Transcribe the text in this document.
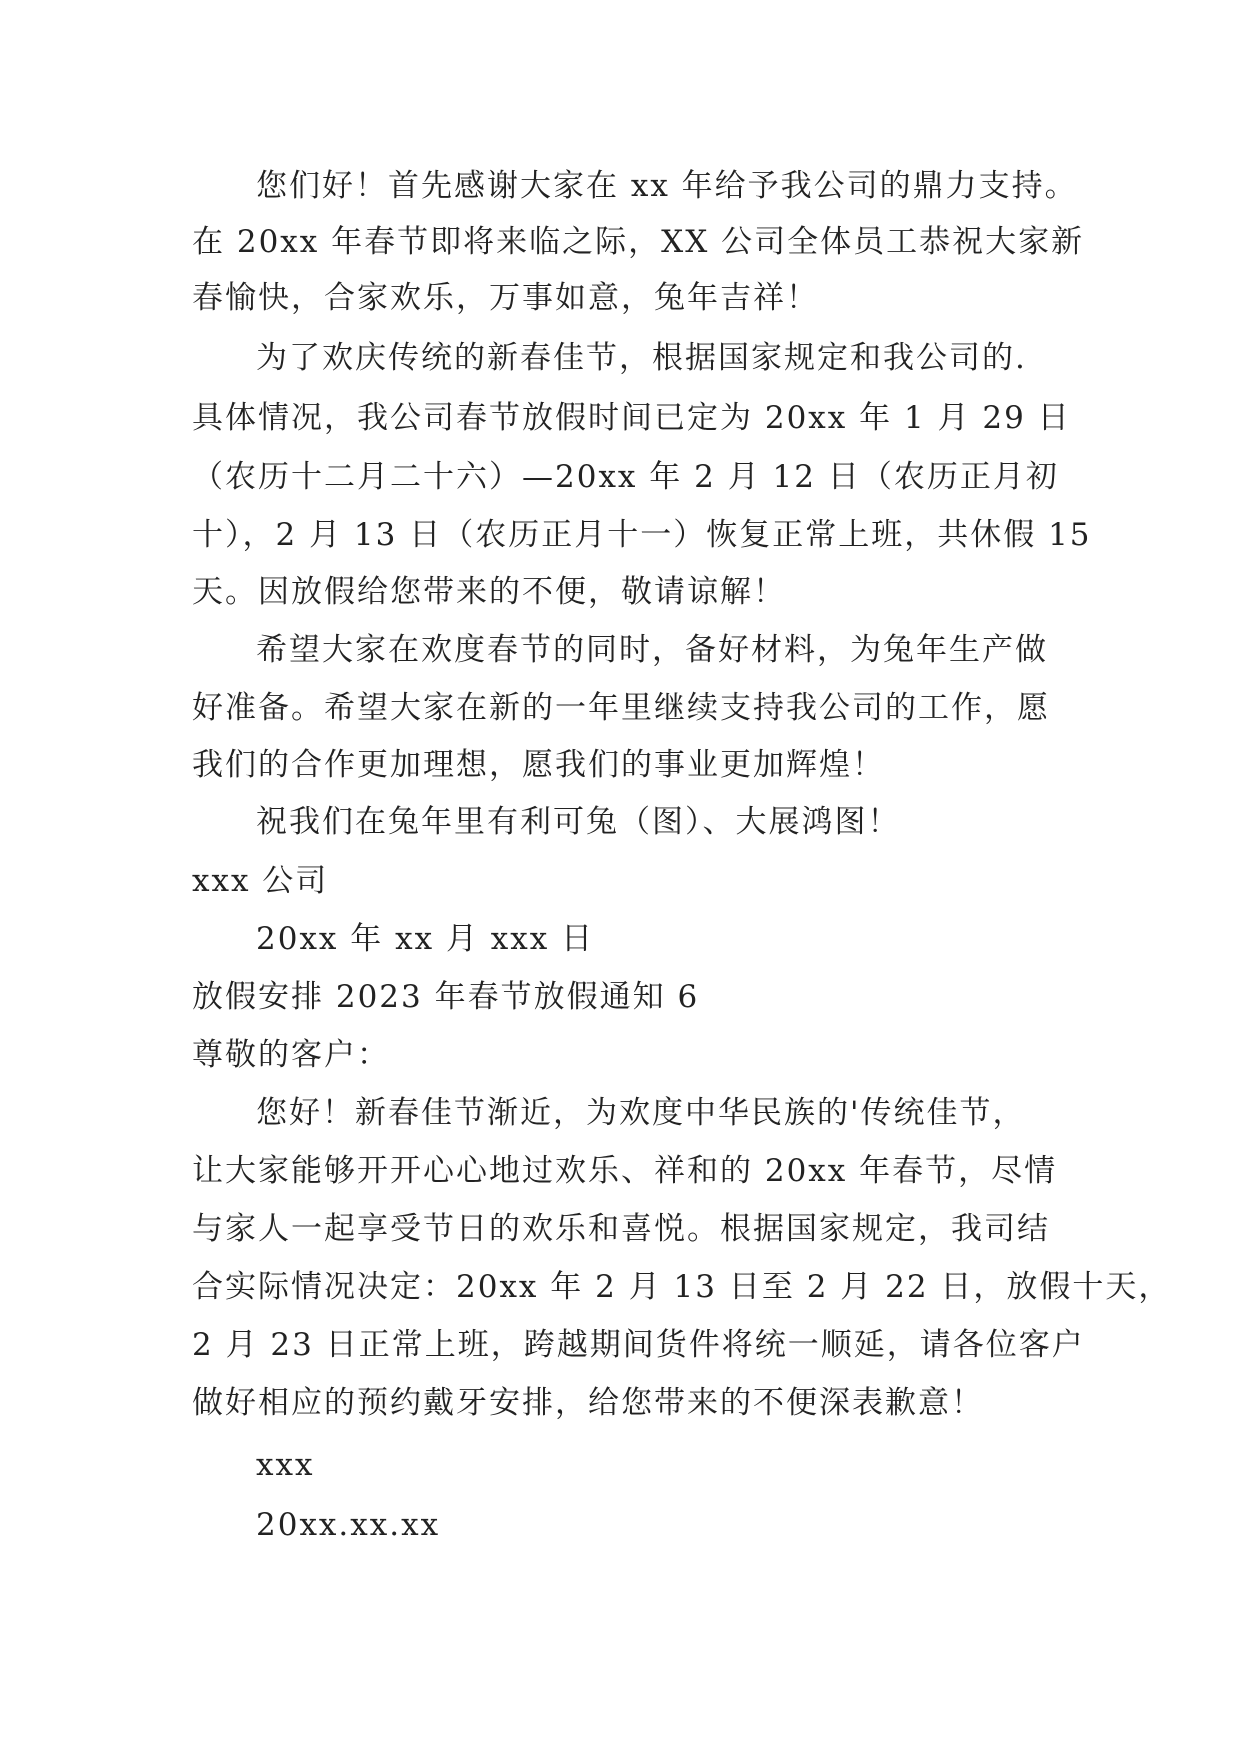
您们好！首先感谢大家在 xx 年给予我公司的鼎力支持。
在 20xx 年春节即将来临之际，XX 公司全体员工恭祝大家新
春愉快，合家欢乐，万事如意，兔年吉祥！
为了欢庆传统的新春佳节，根据国家规定和我公司的.
具体情况，我公司春节放假时间已定为 20xx 年 1 月 29 日
（农历十二月二十六）—20xx 年 2 月 12 日（农历正月初
十），2 月 13 日（农历正月十一）恢复正常上班，共休假 15
天。因放假给您带来的不便，敬请谅解！
希望大家在欢度春节的同时，备好材料，为兔年生产做
好准备。希望大家在新的一年里继续支持我公司的工作，愿
我们的合作更加理想，愿我们的事业更加辉煌！
祝我们在兔年里有利可兔（图）、大展鸿图！
xxx 公司
20xx 年 xx 月 xxx 日
放假安排 2023 年春节放假通知 6
尊敬的客户：
您好！新春佳节渐近，为欢度中华民族的'传统佳节，
让大家能够开开心心地过欢乐、祥和的 20xx 年春节，尽情
与家人一起享受节日的欢乐和喜悦。根据国家规定，我司结
合实际情况决定：20xx 年 2 月 13 日至 2 月 22 日，放假十天，
2 月 23 日正常上班，跨越期间货件将统一顺延，请各位客户
做好相应的预约戴牙安排，给您带来的不便深表歉意！
xxx
20xx.xx.xx
